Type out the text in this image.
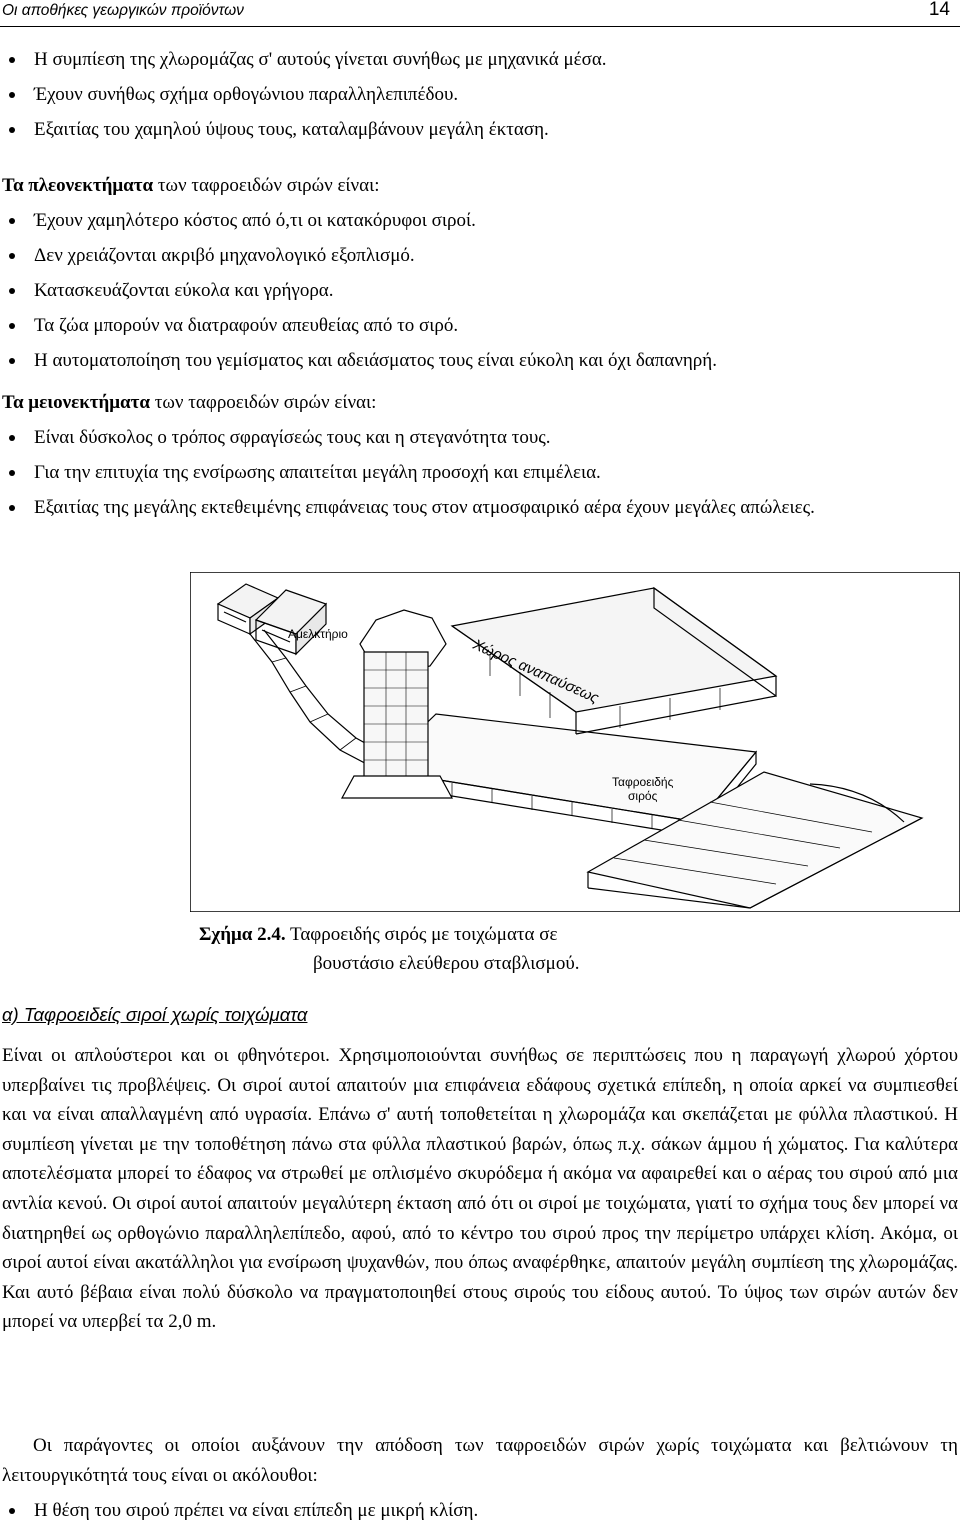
Οι αποθήκες γεωργικών προϊόντων	14
Η συμπίεση της χλωρομάζας σ' αυτούς γίνεται συνήθως με μηχανικά μέσα.
Έχουν συνήθως σχήμα ορθογώνιου παραλληλεπιπέδου.
Εξαιτίας του χαμηλού ύψους τους, καταλαμβάνουν μεγάλη έκταση.
Τα πλεονεκτήματα των ταφροειδών σιρών είναι:
Έχουν χαμηλότερο κόστος από ό,τι οι κατακόρυφοι σιροί.
Δεν χρειάζονται ακριβό μηχανολογικό εξοπλισμό.
Κατασκευάζονται εύκολα και γρήγορα.
Τα ζώα μπορούν να διατραφούν απευθείας από το σιρό.
Η αυτοματοποίηση του γεμίσματος και αδειάσματος τους είναι εύκολη και όχι δαπανηρή.
Τα μειονεκτήματα των ταφροειδών σιρών είναι:
Είναι δύσκολος ο τρόπος σφραγίσεώς τους και η στεγανότητα τους.
Για την επιτυχία της ενσίρωσης απαιτείται μεγάλη προσοχή και επιμέλεια.
Εξαιτίας της μεγάλης εκτεθειμένης επιφάνειας τους στον ατμοσφαιρικό αέρα έχουν μεγάλες απώλειες.
Αμελκτήριο
Χώρος αναπαύσεως
Ταφροειδής
σιρός
Σχήμα 2.4. Ταφροειδής σιρός με τοιχώματα σε
βουστάσιο ελεύθερου σταβλισμού.
α) Ταφροειδείς σιροί χωρίς τοιχώματα

Είναι οι απλούστεροι και οι φθηνότεροι. Χρησιμοποιούνται συνήθως σε περιπτώσεις που η παραγωγή χλωρού χόρτου υπερβαίνει τις προβλέψεις. Οι σιροί αυτοί απαιτούν μια επιφάνεια εδάφους σχετικά επίπεδη, η οποία αρκεί να συμπιεσθεί και να είναι απαλλαγμένη από υγρασία. Επάνω σ' αυτή τοποθετείται η χλωρομάζα και σκεπάζεται με φύλλα πλαστικού. Η συμπίεση γίνεται με την τοποθέτηση πάνω στα φύλλα πλαστικού βαρών, όπως π.χ. σάκων άμμου ή χώματος. Για καλύτερα αποτελέσματα μπορεί το έδαφος να στρωθεί με οπλισμένο σκυρόδεμα ή ακόμα να αφαιρεθεί και ο αέρας του σιρού από μια αντλία κενού. Οι σιροί αυτοί απαιτούν μεγαλύτερη έκταση από ότι οι σιροί με τοιχώματα, γιατί το σχήμα τους δεν μπορεί να διατηρηθεί ως ορθογώνιο παραλληλεπίπεδο, αφού, από το κέντρο του σιρού προς την περίμετρο υπάρχει κλίση. Ακόμα, οι σιροί αυτοί είναι ακατάλληλοι για ενσίρωση ψυχανθών, που όπως αναφέρθηκε, απαιτούν μεγάλη συμπίεση της χλωρομάζας. Και αυτό βέβαια είναι πολύ δύσκολο να πραγματοποιηθεί στους σιρούς του είδους αυτού. Το ύψος των σιρών αυτών δεν μπορεί να υπερβεί τα 2,0 m.

Οι παράγοντες οι οποίοι αυξάνουν την απόδοση των ταφροειδών σιρών χωρίς τοιχώματα και βελτιώνουν τη λειτουργικότητά τους είναι οι ακόλουθοι:

Η θέση του σιρού πρέπει να είναι επίπεδη με μικρή κλίση.
